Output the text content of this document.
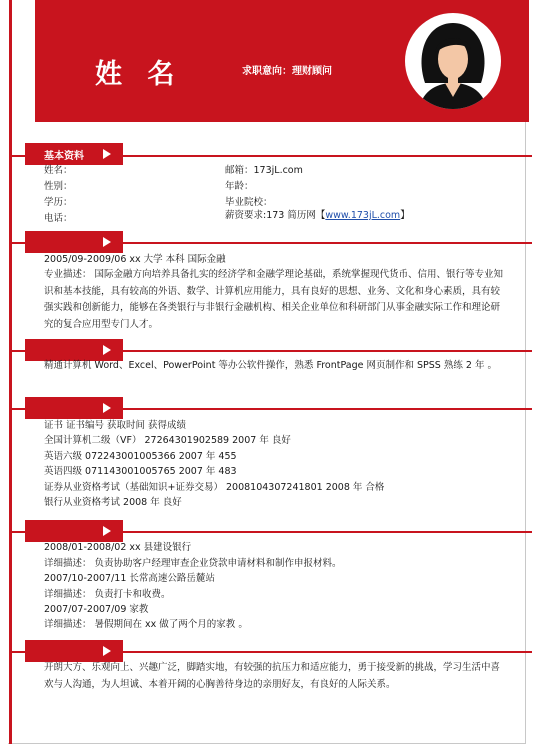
姓 名	求职意向：理财顾问
基本资料
姓名：
性别：
学历：
电话：
邮箱：173jL.com
年龄：
毕业院校：
薪资要求:173 简历网【www.173jL.com】
2005/09-2009/06 xx 大学 本科 国际金融
专业描述： 国际金融方向培养具备扎实的经济学和金融学理论基础，系统掌握现代货币、信用、银行等专业知识和基本技能，具有较高的外语、数学、计算机应用能力，具有良好的思想、业务、文化和身心素质，具有较强实践和创新能力，能够在各类银行与非银行金融机构、相关企业单位和科研部门从事金融实际工作和理论研究的复合应用型专门人才。
精通计算机 Word、Excel、PowerPoint 等办公软件操作，熟悉 FrontPage 网页制作和 SPSS 熟练 2 年 。
证书 证书编号 获取时间 获得成绩
全国计算机二级（VF） 27264301902589 2007 年 良好
英语六级 072243001005366 2007 年 455
英语四级 071143001005765 2007 年 483
证券从业资格考试（基础知识+证券交易） 2008104307241801 2008 年 合格
银行从业资格考试 2008 年 良好
2008/01-2008/02 xx 县建设银行
详细描述： 负责协助客户经理审查企业贷款申请材料和制作申报材料。
2007/10-2007/11 长常高速公路岳麓站
详细描述： 负责打卡和收费。
2007/07-2007/09 家教
详细描述： 暑假期间在 xx 做了两个月的家教 。
开朗大方、乐观向上、兴趣广泛，脚踏实地，有较强的抗压力和适应能力，勇于接受新的挑战，学习生活中喜欢与人沟通，为人坦诚、本着开阔的心胸善待身边的亲朋好友，有良好的人际关系。
